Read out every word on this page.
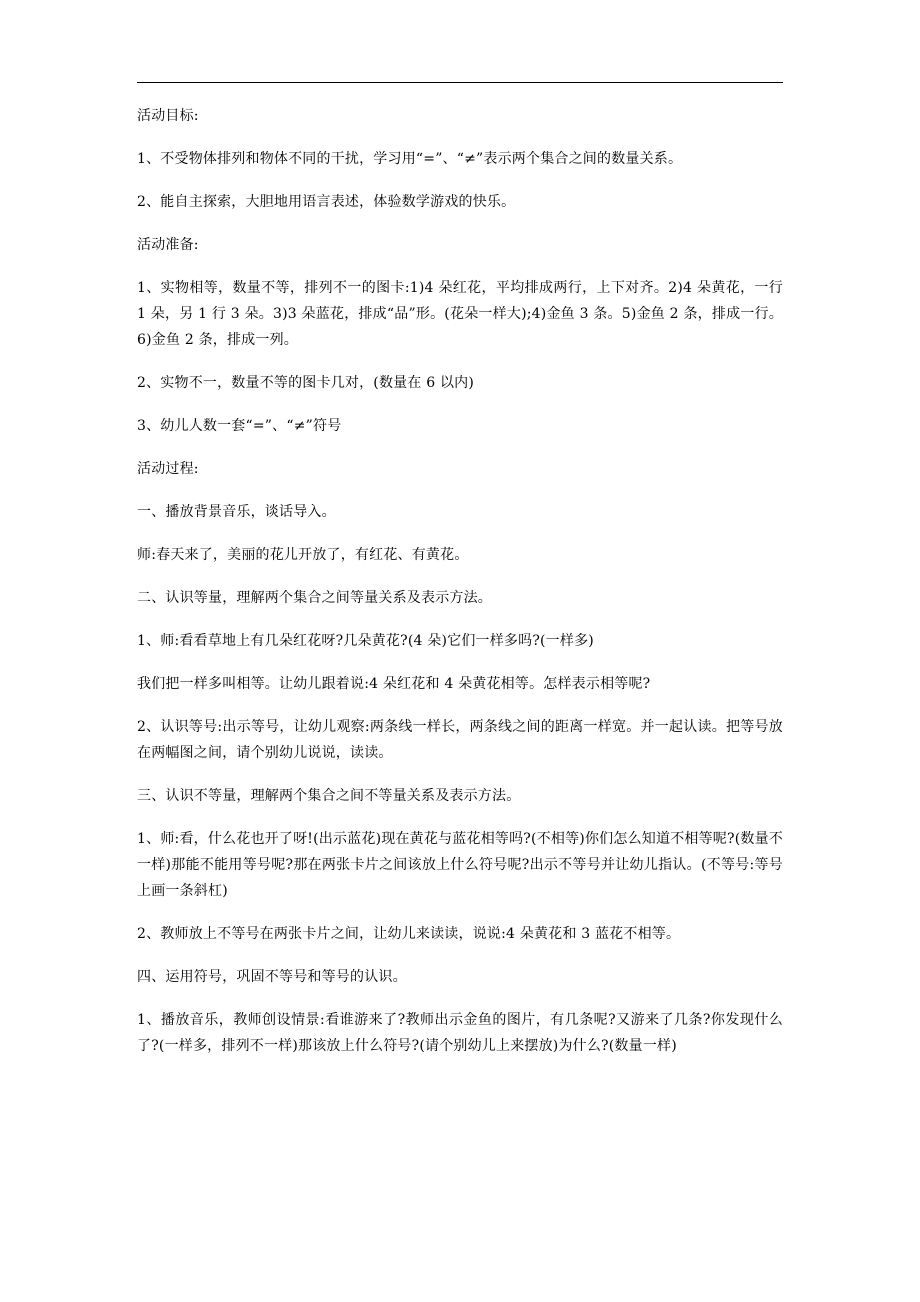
活动目标:

1、不受物体排列和物体不同的干扰，学习用“=”、“≠”表示两个集合之间的数量关系。

2、能自主探索，大胆地用语言表述，体验数学游戏的快乐。

活动准备:

1、实物相等，数量不等，排列不一的图卡:1)4 朵红花，平均排成两行，上下对齐。2)4 朵黄花，一行 1 朵，另 1 行 3 朵。3)3 朵蓝花，排成“品”形。(花朵一样大);4)金鱼 3 条。5)金鱼 2 条，排成一行。6)金鱼 2 条，排成一列。

2、实物不一，数量不等的图卡几对，(数量在 6 以内)

3、幼儿人数一套“=”、“≠”符号

活动过程:

一、播放背景音乐，谈话导入。

师:春天来了，美丽的花儿开放了，有红花、有黄花。

二、认识等量，理解两个集合之间等量关系及表示方法。

1、师:看看草地上有几朵红花呀?几朵黄花?(4 朵)它们一样多吗?(一样多)

我们把一样多叫相等。让幼儿跟着说:4 朵红花和 4 朵黄花相等。怎样表示相等呢?

2、认识等号:出示等号，让幼儿观察:两条线一样长，两条线之间的距离一样宽。并一起认读。把等号放在两幅图之间，请个别幼儿说说，读读。

三、认识不等量，理解两个集合之间不等量关系及表示方法。

1、师:看，什么花也开了呀!(出示蓝花)现在黄花与蓝花相等吗?(不相等)你们怎么知道不相等呢?(数量不一样)那能不能用等号呢?那在两张卡片之间该放上什么符号呢?出示不等号并让幼儿指认。(不等号:等号上画一条斜杠)

2、教师放上不等号在两张卡片之间，让幼儿来读读，说说:4 朵黄花和 3 蓝花不相等。

四、运用符号，巩固不等号和等号的认识。

1、播放音乐，教师创设情景:看谁游来了?教师出示金鱼的图片，有几条呢?又游来了几条?你发现什么了?(一样多，排列不一样)那该放上什么符号?(请个别幼儿上来摆放)为什么?(数量一样)
